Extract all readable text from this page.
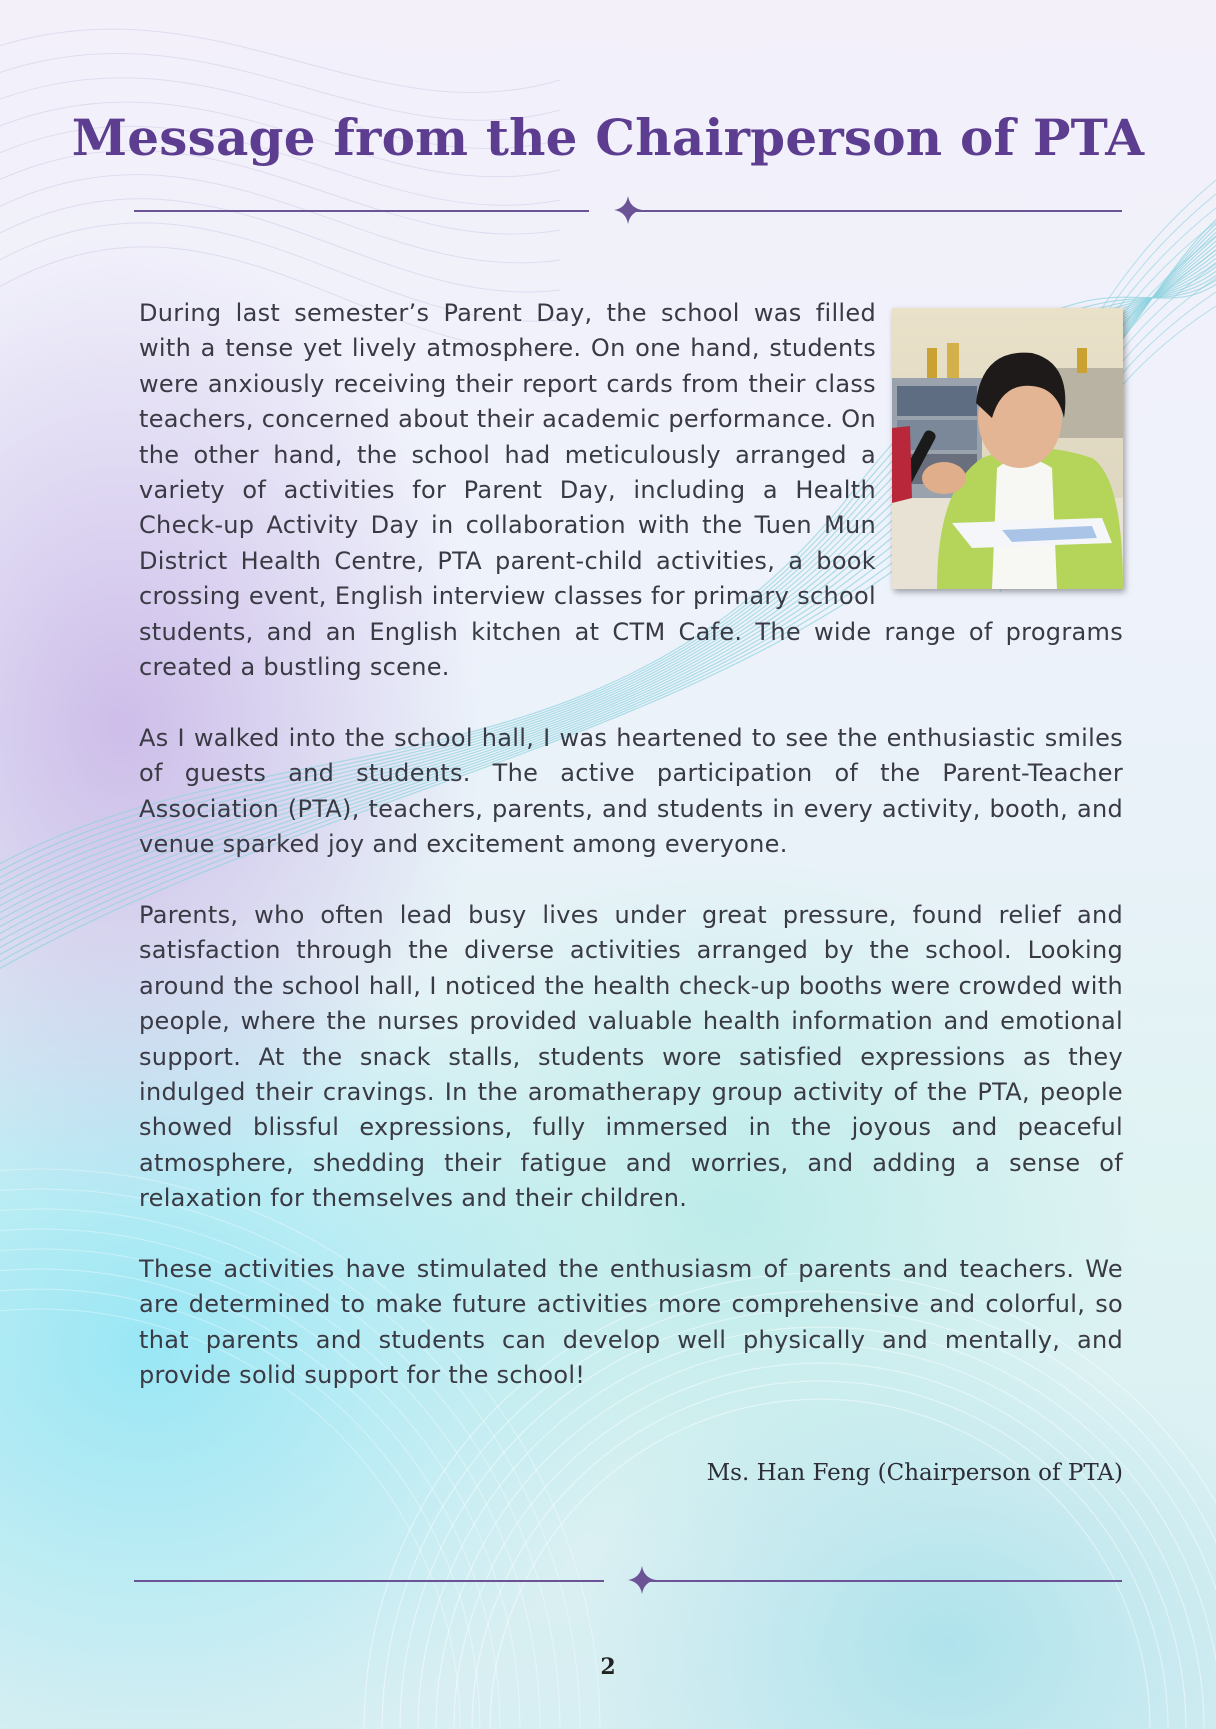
Message from the Chairperson of PTA

During last semester’s Parent Day, the school was filled with a tense yet lively atmosphere. On one hand, students were anxiously receiving their report cards from their class teachers, concerned about their academic performance. On the other hand, the school had meticulously arranged a variety of activities for Parent Day, including a Health Check-up Activity Day in collaboration with the Tuen Mun District Health Centre, PTA parent-child activities, a book crossing event, English interview classes for primary school students, and an English kitchen at CTM Cafe. The wide range of programs created a bustling scene.

As I walked into the school hall, I was heartened to see the enthusiastic smiles of guests and students. The active participation of the Parent-Teacher Association (PTA), teachers, parents, and students in every activity, booth, and venue sparked joy and excitement among everyone.

Parents, who often lead busy lives under great pressure, found relief and satisfaction through the diverse activities arranged by the school. Looking around the school hall, I noticed the health check-up booths were crowded with people, where the nurses provided valuable health information and emotional support. At the snack stalls, students wore satisfied expressions as they indulged their cravings. In the aromatherapy group activity of the PTA, people showed blissful expressions, fully immersed in the joyous and peaceful atmosphere, shedding their fatigue and worries, and adding a sense of relaxation for themselves and their children.

These activities have stimulated the enthusiasm of parents and teachers. We are determined to make future activities more comprehensive and colorful, so that parents and students can develop well physically and mentally, and provide solid support for the school!

Ms. Han Feng (Chairperson of PTA)
2
